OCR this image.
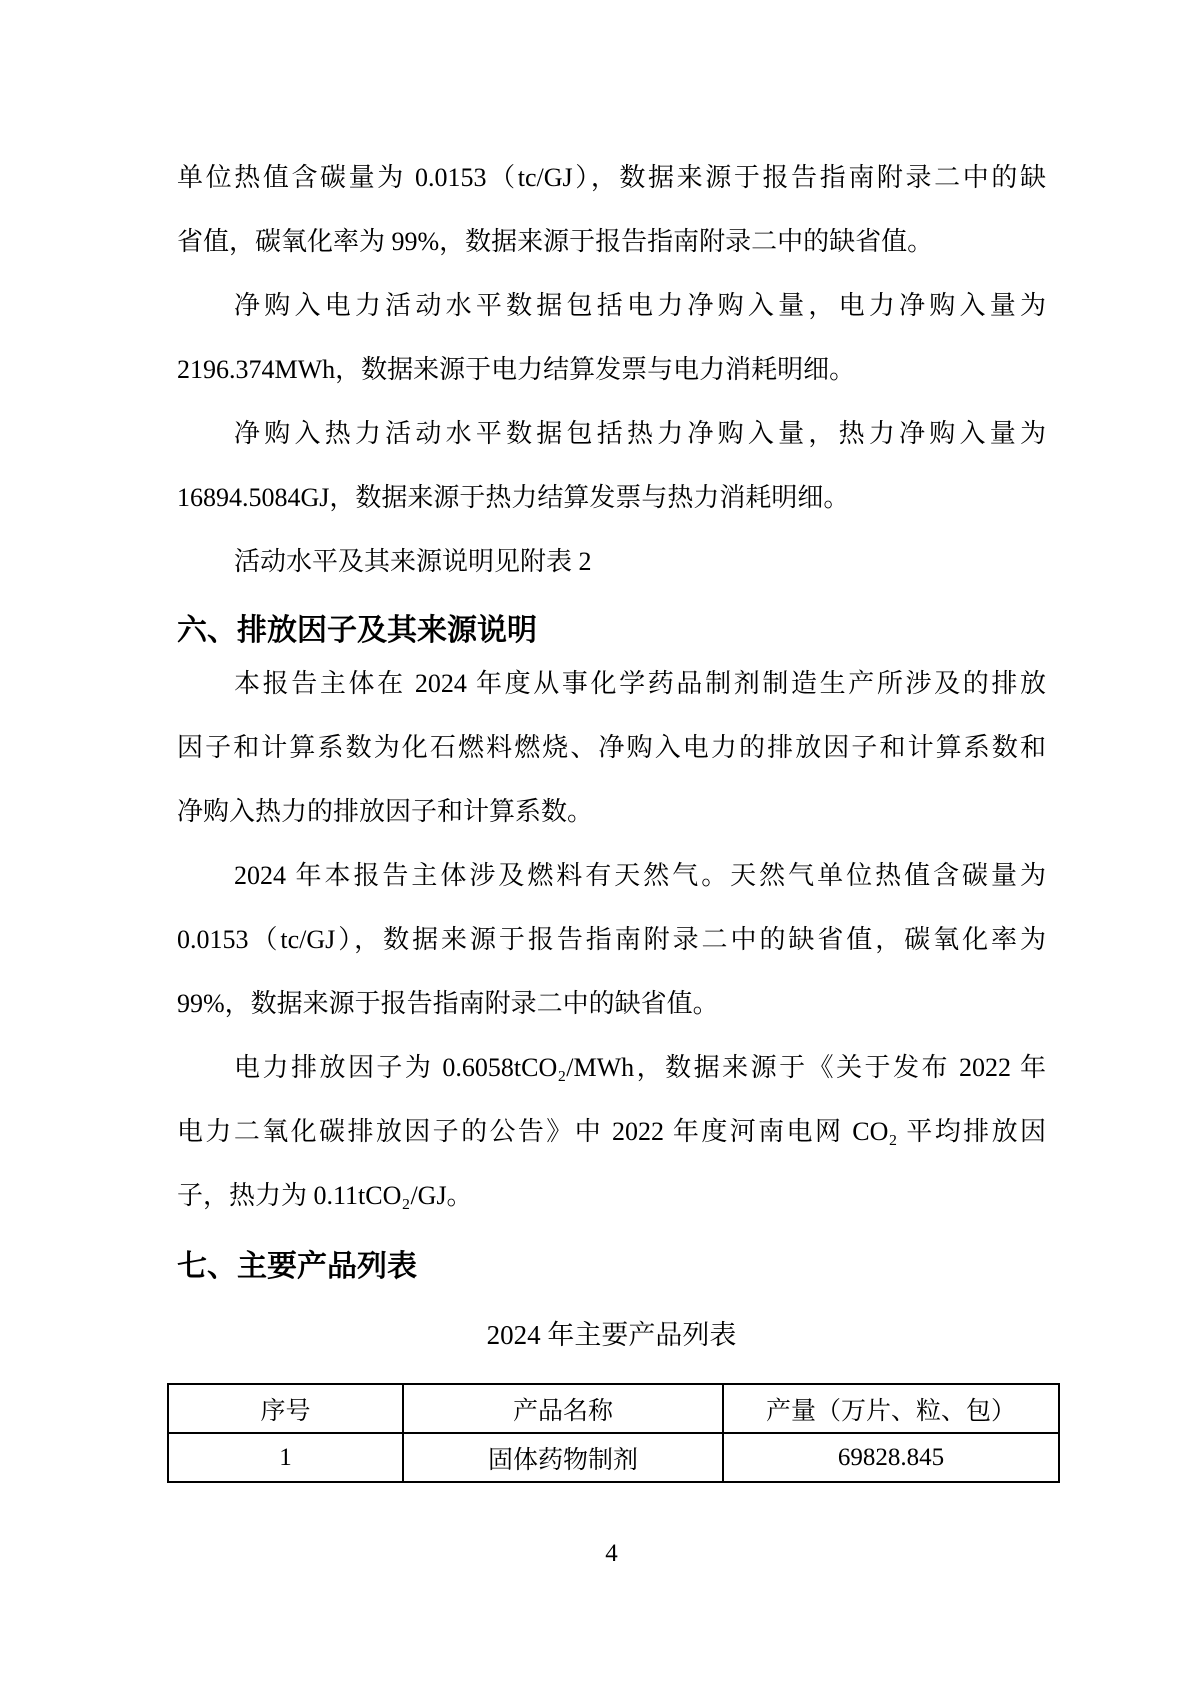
单位热值含碳量为 0.0153（tc/GJ），数据来源于报告指南附录二中的缺
省值，碳氧化率为 99%，数据来源于报告指南附录二中的缺省值。
净购入电力活动水平数据包括电力净购入量，电力净购入量为
2196.374MWh，数据来源于电力结算发票与电力消耗明细。
净购入热力活动水平数据包括热力净购入量，热力净购入量为
16894.5084GJ，数据来源于热力结算发票与热力消耗明细。
活动水平及其来源说明见附表 2
六、排放因子及其来源说明
本报告主体在 2024 年度从事化学药品制剂制造生产所涉及的排放
因子和计算系数为化石燃料燃烧、净购入电力的排放因子和计算系数和
净购入热力的排放因子和计算系数。
2024 年本报告主体涉及燃料有天然气。天然气单位热值含碳量为
0.0153（tc/GJ），数据来源于报告指南附录二中的缺省值，碳氧化率为
99%，数据来源于报告指南附录二中的缺省值。
电力排放因子为 0.6058tCO₂/MWh，数据来源于《关于发布 2022 年
电力二氧化碳排放因子的公告》中 2022 年度河南电网 CO₂ 平均排放因
子，热力为 0.11tCO₂/GJ。
七、主要产品列表
2024 年主要产品列表
序号	产品名称	产量（万片、粒、包）
1	固体药物制剂	69828.845
4
